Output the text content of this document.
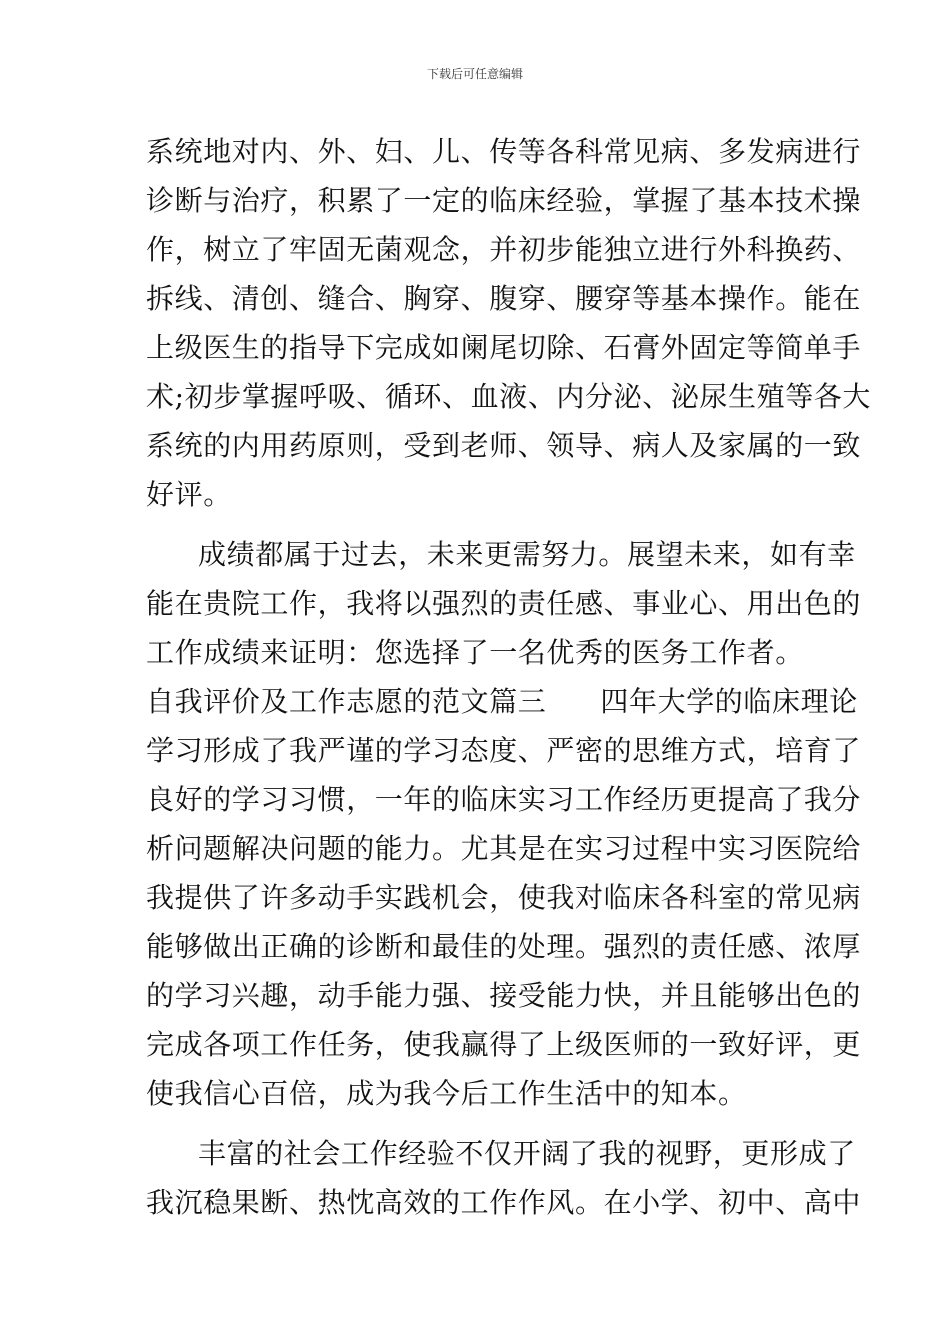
下载后可任意编辑
系统地对内、外、妇、儿、传等各科常见病、多发病进行
诊断与治疗，积累了一定的临床经验，掌握了基本技术操
作，树立了牢固无菌观念，并初步能独立进行外科换药、
拆线、清创、缝合、胸穿、腹穿、腰穿等基本操作。能在
上级医生的指导下完成如阑尾切除、石膏外固定等简单手
术;初步掌握呼吸、循环、血液、内分泌、泌尿生殖等各大
系统的内用药原则，受到老师、领导、病人及家属的一致
好评。
成绩都属于过去，未来更需努力。展望未来，如有幸
能在贵院工作，我将以强烈的责任感、事业心、用出色的
工作成绩来证明：您选择了一名优秀的医务工作者。
自我评价及工作志愿的范文篇三 四年大学的临床理论
学习形成了我严谨的学习态度、严密的思维方式，培育了
良好的学习习惯，一年的临床实习工作经历更提高了我分
析问题解决问题的能力。尤其是在实习过程中实习医院给
我提供了许多动手实践机会，使我对临床各科室的常见病
能够做出正确的诊断和最佳的处理。强烈的责任感、浓厚
的学习兴趣，动手能力强、接受能力快，并且能够出色的
完成各项工作任务，使我赢得了上级医师的一致好评，更
使我信心百倍，成为我今后工作生活中的知本。
丰富的社会工作经验不仅开阔了我的视野，更形成了
我沉稳果断、热忱高效的工作作风。在小学、初中、高中
